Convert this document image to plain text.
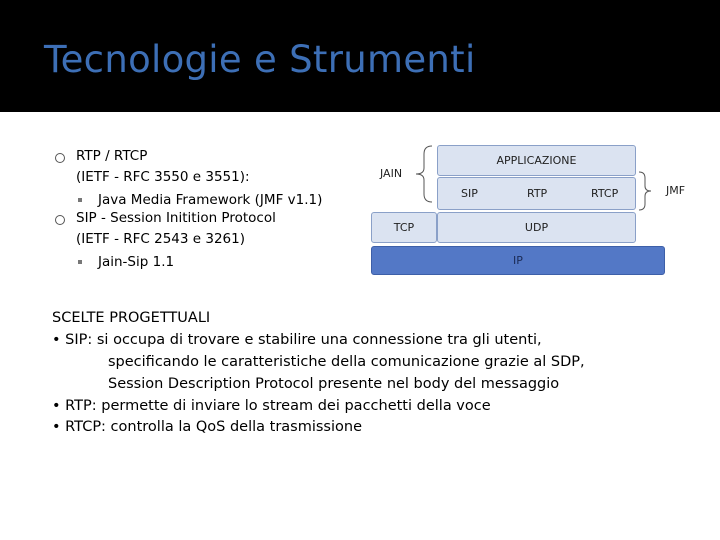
Tecnologie e Strumenti
RTP / RTCP
(IETF - RFC 3550 e 3551):
Java Media Framework (JMF v1.1)
SIP - Session Initition Protocol
(IETF - RFC 2543 e 3261)
Jain-Sip 1.1
JAIN
APPLICAZIONE
SIP	RTP	RTCP	JMF
TCP	UDP
IP
SCELTE PROGETTUALI
• SIP: si occupa di trovare e stabilire una connessione tra gli utenti,
specificando le caratteristiche della comunicazione grazie al SDP,
Session Description Protocol presente nel body del messaggio
• RTP: permette di inviare lo stream dei pacchetti della voce
• RTCP: controlla la QoS della trasmissione
